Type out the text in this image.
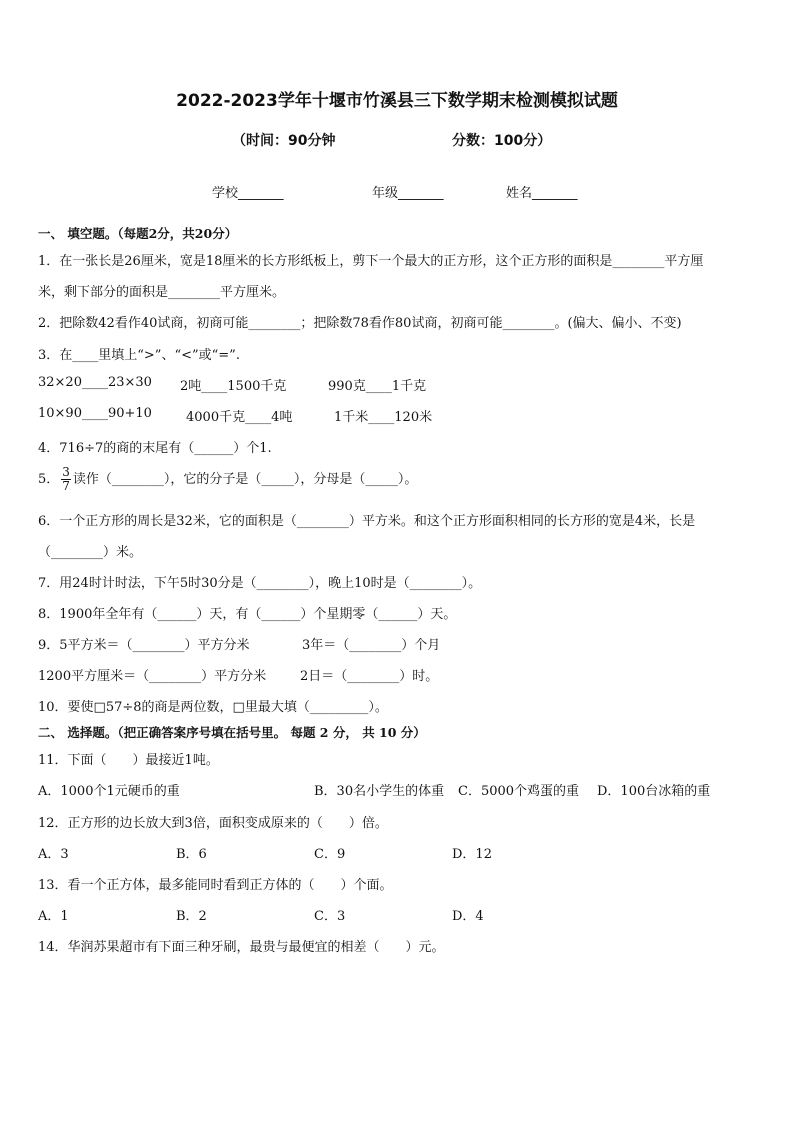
2022-2023学年十堰市竹溪县三下数学期末检测模拟试题
（时间：90分钟	分数：100分）
学校_______	年级_______	姓名_______
一、 填空题。（每题2分，共20分）
1．在一张长是26厘米，宽是18厘米的长方形纸板上，剪下一个最大的正方形，这个正方形的面积是________平方厘
米，剩下部分的面积是________平方厘米。
2．把除数42看作40试商，初商可能________；把除数78看作80试商，初商可能________。(偏大、偏小、不变)
3．在____里填上“>”、“<”或“=”.
32×20____23×30 2吨____1500千克	990克____1千克
10×90____90+10	4000千克____4吨	1千米____120米
4．716÷7的商的末尾有（______）个1.
5． $\frac{3}{7}$ 读作（________），它的分子是（_____），分母是（_____）。
6．一个正方形的周长是32米，它的面积是（________）平方米。和这个正方形面积相同的长方形的宽是4米，长是
（________）米。
7．用24时计时法，下午5时30分是（________），晚上10时是（________）。
8．1900年全年有（______）天，有（______）个星期零（______）天。
9．5平方米＝（________）平方分米	3年＝（________）个月
1200平方厘米＝（________）平方分米	2日＝（________）时。
10．要使□57÷8的商是两位数，□里最大填（_________）。
二、 选择题。（把正确答案序号填在括号里。 每题 2 分， 共 10 分）
11．下面（　　）最接近1吨。
A．1000个1元硬币的重	B．30名小学生的体重 C．5000个鸡蛋的重 D．100台冰箱的重
12．正方形的边长放大到3倍，面积变成原来的（　　）倍。
A．3	B．6	C．9	D．12
13．看一个正方体，最多能同时看到正方体的（　　）个面。
A．1	B．2	C．3	D．4
14．华润苏果超市有下面三种牙刷，最贵与最便宜的相差（　　）元。
